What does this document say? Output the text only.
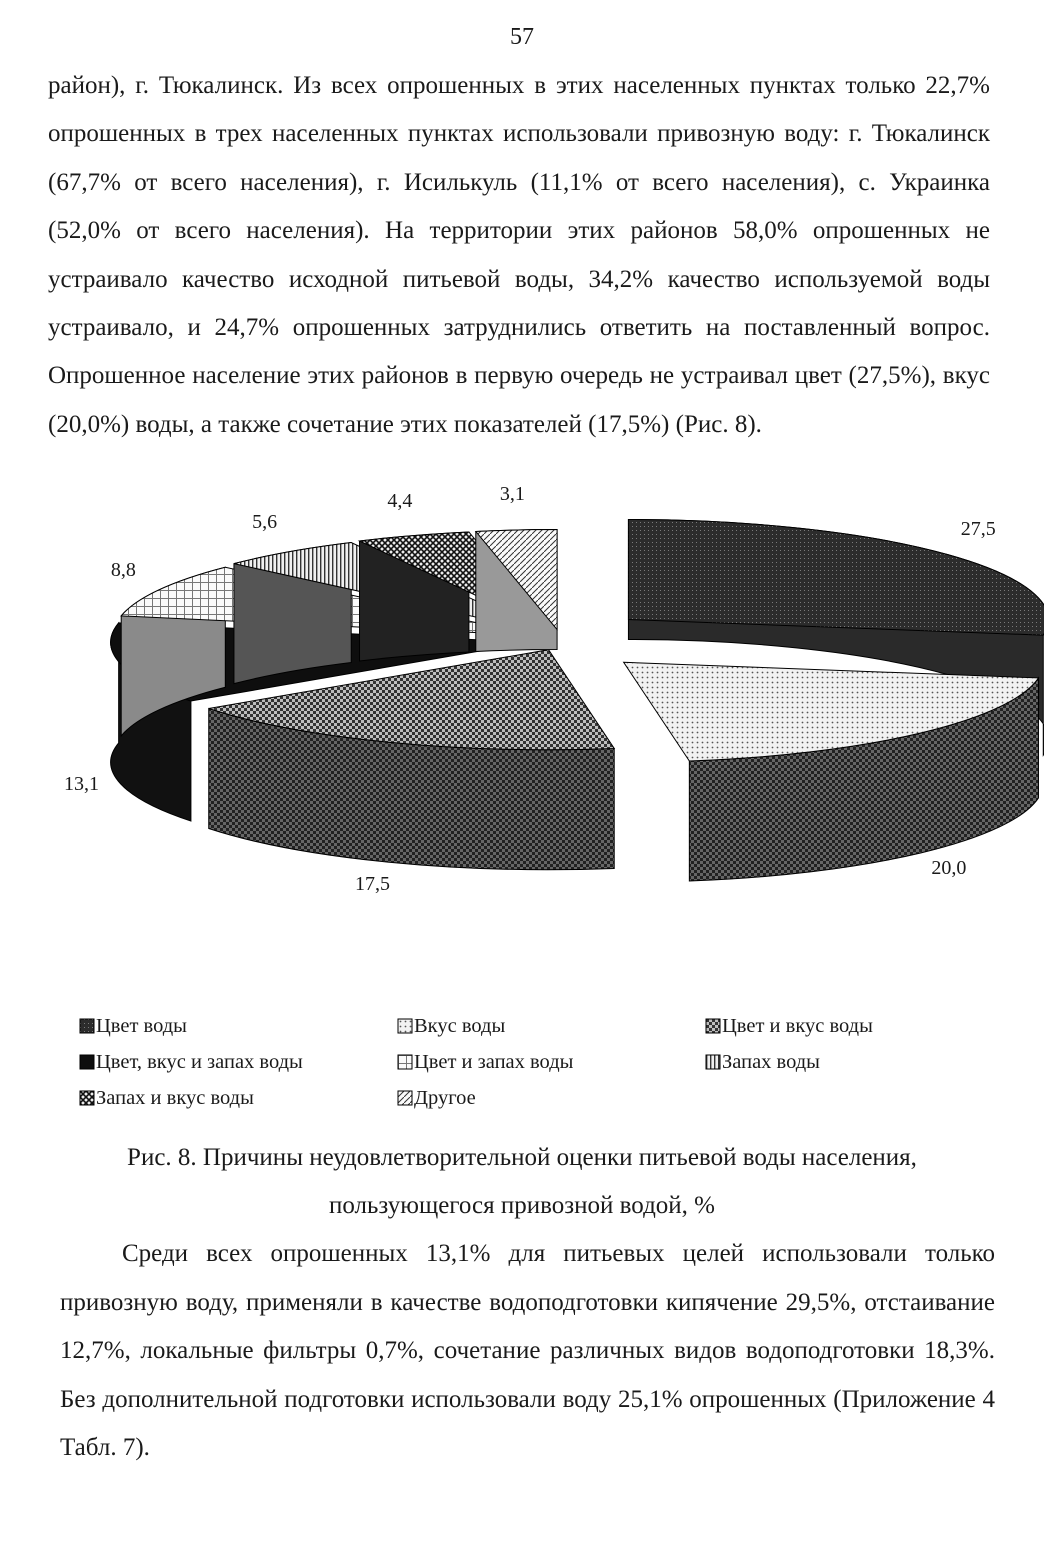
57

район), г. Тюкалинск. Из всех опрошенных в этих населенных пунктах только 22,7% опрошенных в трех населенных пунктах использовали привозную воду: г. Тюкалинск (67,7% от всего населения), г. Исилькуль (11,1% от всего населения), с. Украинка (52,0% от всего населения). На территории этих районов 58,0% опрошенных не устраивало качество исходной питьевой воды, 34,2% качество используемой воды устраивало, и 24,7% опрошенных затруднились ответить на поставленный вопрос. Опрошенное население этих районов в первую очередь не устраивал цвет (27,5%), вкус (20,0%) воды, а также сочетание этих показателей (17,5%) (Рис. 8).

27,5
20,0
17,5
13,1
8,8
5,6
4,4	3,1
Цвет воды	Вкус воды	Цвет и вкус воды
Цвет, вкус и запах воды	Цвет и запах воды	Запах воды
Запах и вкус воды	Другое
Рис. 8. Причины неудовлетворительной оценки питьевой воды населения,
пользующегося привозной водой, %

Среди всех опрошенных 13,1% для питьевых целей использовали только привозную воду, применяли в качестве водоподготовки кипячение 29,5%, отстаивание 12,7%, локальные фильтры 0,7%, сочетание различных видов водоподготовки 18,3%. Без дополнительной подготовки использовали воду 25,1% опрошенных (Приложение 4 Табл. 7).
